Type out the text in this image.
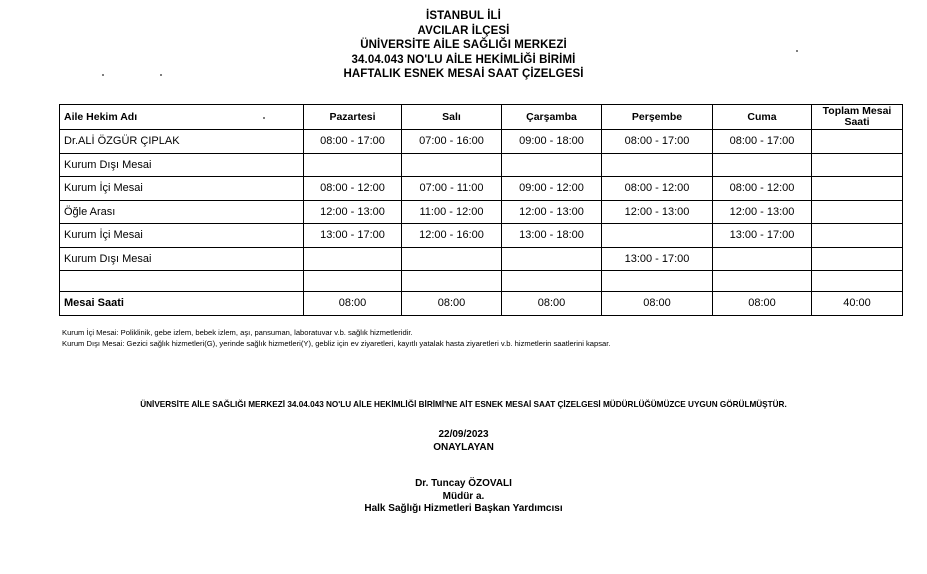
İSTANBUL İLİ
AVCILAR İLÇESİ
ÜNİVERSİTE AİLE SAĞLIĞI MERKEZİ
34.04.043 NO'LU AİLE HEKİMLİĞİ BİRİMİ
HAFTALIK ESNEK MESAİ SAAT ÇİZELGESİ
Aile Hekim Adı	Pazartesi	Salı	Çarşamba	Perşembe	Cuma	Toplam Mesai Saati
Dr.ALİ ÖZGÜR ÇIPLAK	08:00 - 17:00	07:00 - 16:00	09:00 - 18:00	08:00 - 17:00	08:00 - 17:00	
Kurum Dışı Mesai						
Kurum İçi Mesai	08:00 - 12:00	07:00 - 11:00	09:00 - 12:00	08:00 - 12:00	08:00 - 12:00	
Öğle Arası	12:00 - 13:00	11:00 - 12:00	12:00 - 13:00	12:00 - 13:00	12:00 - 13:00	
Kurum İçi Mesai	13:00 - 17:00	12:00 - 16:00	13:00 - 18:00		13:00 - 17:00	
Kurum Dışı Mesai				13:00 - 17:00		

Mesai Saati	08:00	08:00	08:00	08:00	08:00	40:00
Kurum İçi Mesai: Poliklinik, gebe izlem, bebek izlem, aşı, pansuman, laboratuvar v.b. sağlık hizmetleridir.
Kurum Dışı Mesai: Gezici sağlık hizmetleri(G), yerinde sağlık hizmetleri(Y), gebliz için ev ziyaretleri, kayıtlı yatalak hasta ziyaretleri v.b. hizmetlerin saatlerini kapsar.
ÜNİVERSİTE AİLE SAĞLIĞI MERKEZİ 34.04.043 NO'LU AİLE HEKİMLİĞİ BİRİMİ'NE AİT ESNEK MESAİ SAAT ÇİZELGESİ MÜDÜRLÜĞÜMÜZCE UYGUN GÖRÜLMÜŞTÜR.
22/09/2023
ONAYLAYAN
Dr. Tuncay ÖZOVALI
Müdür a.
Halk Sağlığı Hizmetleri Başkan Yardımcısı
